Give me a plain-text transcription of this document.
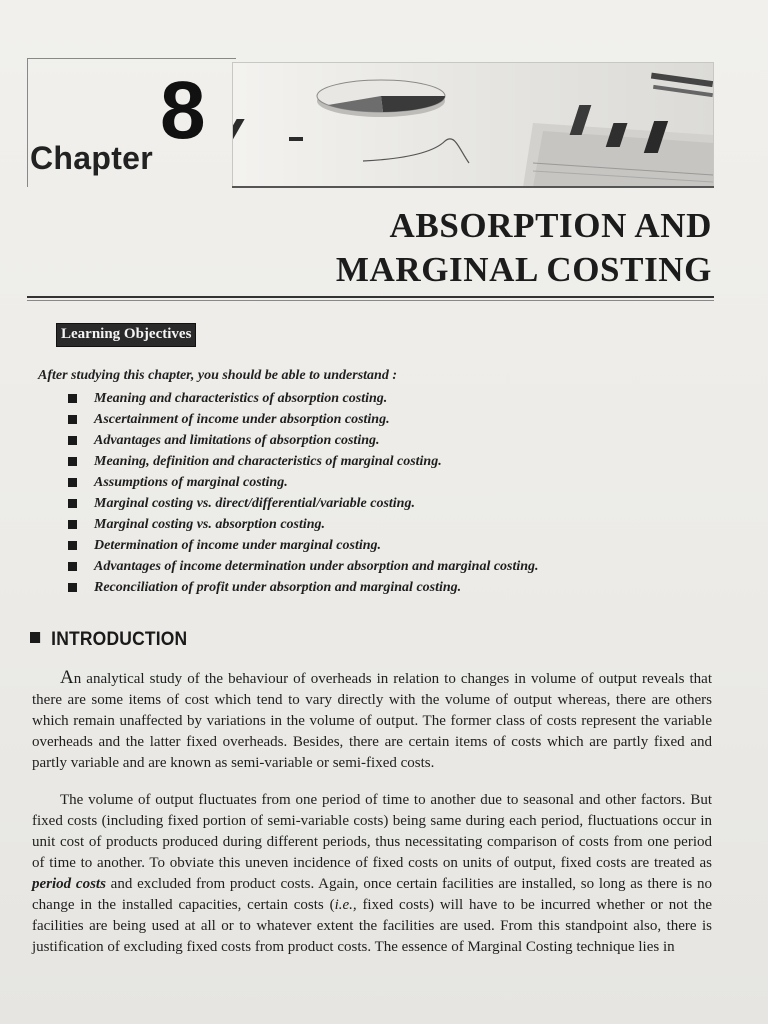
Chapter
8
ABSORPTION AND
MARGINAL COSTING
Learning Objectives
After studying this chapter, you should be able to understand :
Meaning and characteristics of absorption costing.
Ascertainment of income under absorption costing.
Advantages and limitations of absorption costing.
Meaning, definition and characteristics of marginal costing.
Assumptions of marginal costing.
Marginal costing vs. direct/differential/variable costing.
Marginal costing vs. absorption costing.
Determination of income under marginal costing.
Advantages of income determination under absorption and marginal costing.
Reconciliation of profit under absorption and marginal costing.
INTRODUCTION

An analytical study of the behaviour of overheads in relation to changes in volume of output reveals that there are some items of cost which tend to vary directly with the volume of output whereas, there are others which remain unaffected by variations in the volume of output. The former class of costs represent the variable overheads and the latter fixed overheads. Besides, there are certain items of costs which are partly fixed and partly variable and are known as semi-variable or semi-fixed costs.

The volume of output fluctuates from one period of time to another due to seasonal and other factors. But fixed costs (including fixed portion of semi-variable costs) being same during each period, fluctuations occur in unit cost of products produced during different periods, thus necessitating comparison of costs from one period of time to another. To obviate this uneven incidence of fixed costs on units of output, fixed costs are treated as period costs and excluded from product costs. Again, once certain facilities are installed, so long as there is no change in the installed capacities, certain costs (i.e., fixed costs) will have to be incurred whether or not the facilities are being used at all or to whatever extent the facilities are used. From this standpoint also, there is justification of excluding fixed costs from product costs. The essence of Marginal Costing technique lies in
